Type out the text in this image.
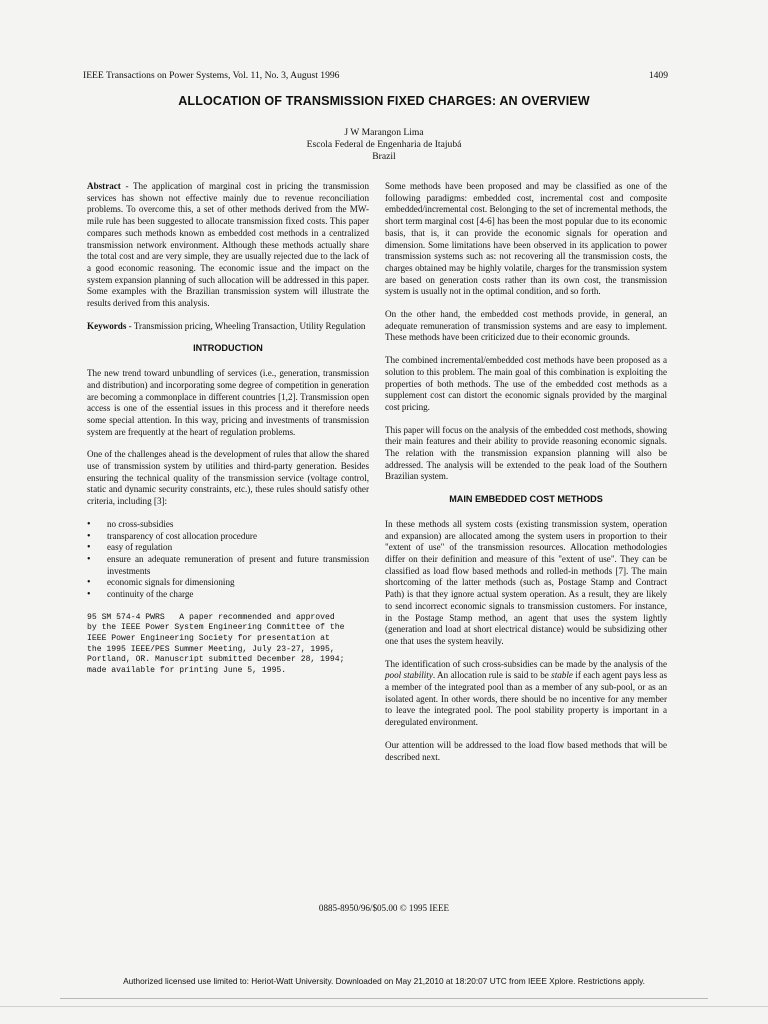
IEEE Transactions on Power Systems, Vol. 11, No. 3, August 1996	1409
ALLOCATION OF TRANSMISSION FIXED CHARGES: AN OVERVIEW
J W Marangon Lima
Escola Federal de Engenharia de Itajubá
Brazil

Abstract - The application of marginal cost in pricing the transmission services has shown not effective mainly due to revenue reconciliation problems. To overcome this, a set of other methods derived from the MW-mile rule has been suggested to allocate transmission fixed costs. This paper compares such methods known as embedded cost methods in a centralized transmission network environment. Although these methods actually share the total cost and are very simple, they are usually rejected due to the lack of a good economic reasoning. The economic issue and the impact on the system expansion planning of such allocation will be addressed in this paper. Some examples with the Brazilian transmission system will illustrate the results derived from this analysis.

Keywords - Transmission pricing, Wheeling Transaction, Utility Regulation

INTRODUCTION

The new trend toward unbundling of services (i.e., generation, transmission and distribution) and incorporating some degree of competition in generation are becoming a commonplace in different countries [1,2]. Transmission open access is one of the essential issues in this process and it therefore needs some special attention. In this way, pricing and investments of transmission system are frequently at the heart of regulation problems.

One of the challenges ahead is the development of rules that allow the shared use of transmission system by utilities and third-party generation. Besides ensuring the technical quality of the transmission service (voltage control, static and dynamic security constraints, etc.), these rules should satisfy other criteria, including [3]:

• no cross-subsidies
• transparency of cost allocation procedure
• easy of regulation
• ensure an adequate remuneration of present and future transmission investments
• economic signals for dimensioning
• continuity of the charge
95 SM 574-4 PWRS   A paper recommended and approved
by the IEEE Power System Engineering Committee of the
IEEE Power Engineering Society for presentation at
the 1995 IEEE/PES Summer Meeting, July 23-27, 1995,
Portland, OR. Manuscript submitted December 28, 1994;
made available for printing June 5, 1995.

Some methods have been proposed and may be classified as one of the following paradigms: embedded cost, incremental cost and composite embedded/incremental cost. Belonging to the set of incremental methods, the short term marginal cost [4-6] has been the most popular due to its economic basis, that is, it can provide the economic signals for operation and dimension. Some limitations have been observed in its application to power transmission systems such as: not recovering all the transmission costs, the charges obtained may be highly volatile, charges for the transmission system are based on generation costs rather than its own cost, the transmission system is usually not in the optimal condition, and so forth.

On the other hand, the embedded cost methods provide, in general, an adequate remuneration of transmission systems and are easy to implement. These methods have been criticized due to their economic grounds.

The combined incremental/embedded cost methods have been proposed as a solution to this problem. The main goal of this combination is exploiting the properties of both methods. The use of the embedded cost methods as a supplement cost can distort the economic signals provided by the marginal cost pricing.

This paper will focus on the analysis of the embedded cost methods, showing their main features and their ability to provide reasoning economic signals. The relation with the transmission expansion planning will also be addressed. The analysis will be extended to the peak load of the Southern Brazilian system.

MAIN EMBEDDED COST METHODS

In these methods all system costs (existing transmission system, operation and expansion) are allocated among the system users in proportion to their "extent of use" of the transmission resources. Allocation methodologies differ on their definition and measure of this "extent of use". They can be classified as load flow based methods and rolled-in methods [7]. The main shortcoming of the latter methods (such as, Postage Stamp and Contract Path) is that they ignore actual system operation. As a result, they are likely to send incorrect economic signals to transmission customers. For instance, in the Postage Stamp method, an agent that uses the system lightly (generation and load at short electrical distance) would be subsidizing other one that uses the system heavily.

The identification of such cross-subsidies can be made by the analysis of the pool stability. An allocation rule is said to be stable if each agent pays less as a member of the integrated pool than as a member of any sub-pool, or as an isolated agent. In other words, there should be no incentive for any member to leave the integrated pool. The pool stability property is important in a deregulated environment.

Our attention will be addressed to the load flow based methods that will be described next.

0885-8950/96/$05.00 © 1995 IEEE
Authorized licensed use limited to: Heriot-Watt University. Downloaded on May 21,2010 at 18:20:07 UTC from IEEE Xplore. Restrictions apply.
